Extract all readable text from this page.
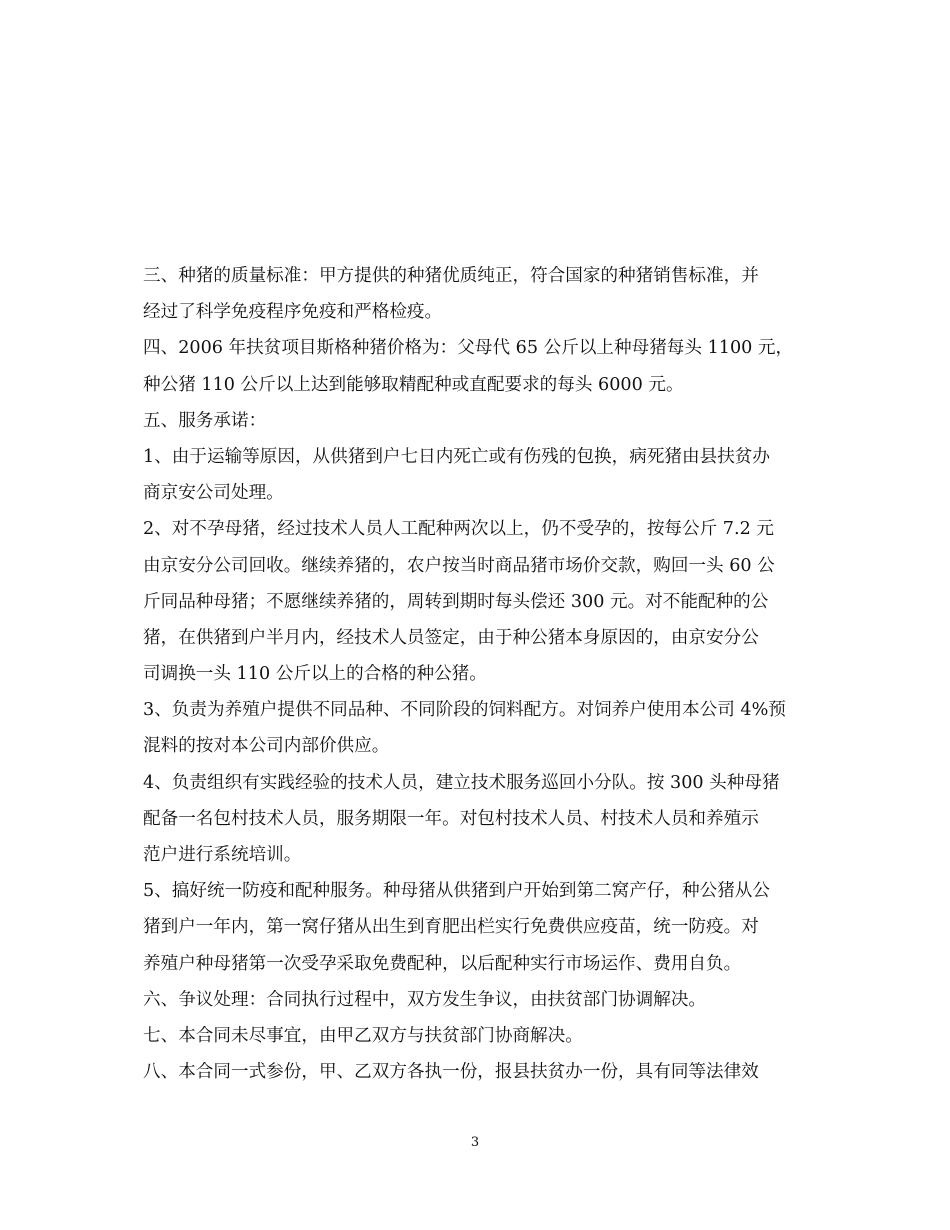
三、种猪的质量标准：甲方提供的种猪优质纯正，符合国家的种猪销售标准，并
经过了科学免疫程序免疫和严格检疫。
四、2006 年扶贫项目斯格种猪价格为：父母代 65 公斤以上种母猪每头 1100 元，
种公猪 110 公斤以上达到能够取精配种或直配要求的每头 6000 元。
五、服务承诺：
1、由于运输等原因，从供猪到户七日内死亡或有伤残的包换，病死猪由县扶贫办
商京安公司处理。
2、对不孕母猪，经过技术人员人工配种两次以上，仍不受孕的，按每公斤 7.2 元
由京安分公司回收。继续养猪的，农户按当时商品猪市场价交款，购回一头 60 公
斤同品种母猪；不愿继续养猪的，周转到期时每头偿还 300 元。对不能配种的公
猪，在供猪到户半月内，经技术人员签定，由于种公猪本身原因的，由京安分公
司调换一头 110 公斤以上的合格的种公猪。
3、负责为养殖户提供不同品种、不同阶段的饲料配方。对饲养户使用本公司 4%预
混料的按对本公司内部价供应。
4、负责组织有实践经验的技术人员，建立技术服务巡回小分队。按 300 头种母猪
配备一名包村技术人员，服务期限一年。对包村技术人员、村技术人员和养殖示
范户进行系统培训。
5、搞好统一防疫和配种服务。种母猪从供猪到户开始到第二窝产仔，种公猪从公
猪到户一年内，第一窝仔猪从出生到育肥出栏实行免费供应疫苗，统一防疫。对
养殖户种母猪第一次受孕采取免费配种，以后配种实行市场运作、费用自负。
六、争议处理：合同执行过程中，双方发生争议，由扶贫部门协调解决。
七、本合同未尽事宜，由甲乙双方与扶贫部门协商解决。
八、本合同一式参份，甲、乙双方各执一份，报县扶贫办一份，具有同等法律效
3
